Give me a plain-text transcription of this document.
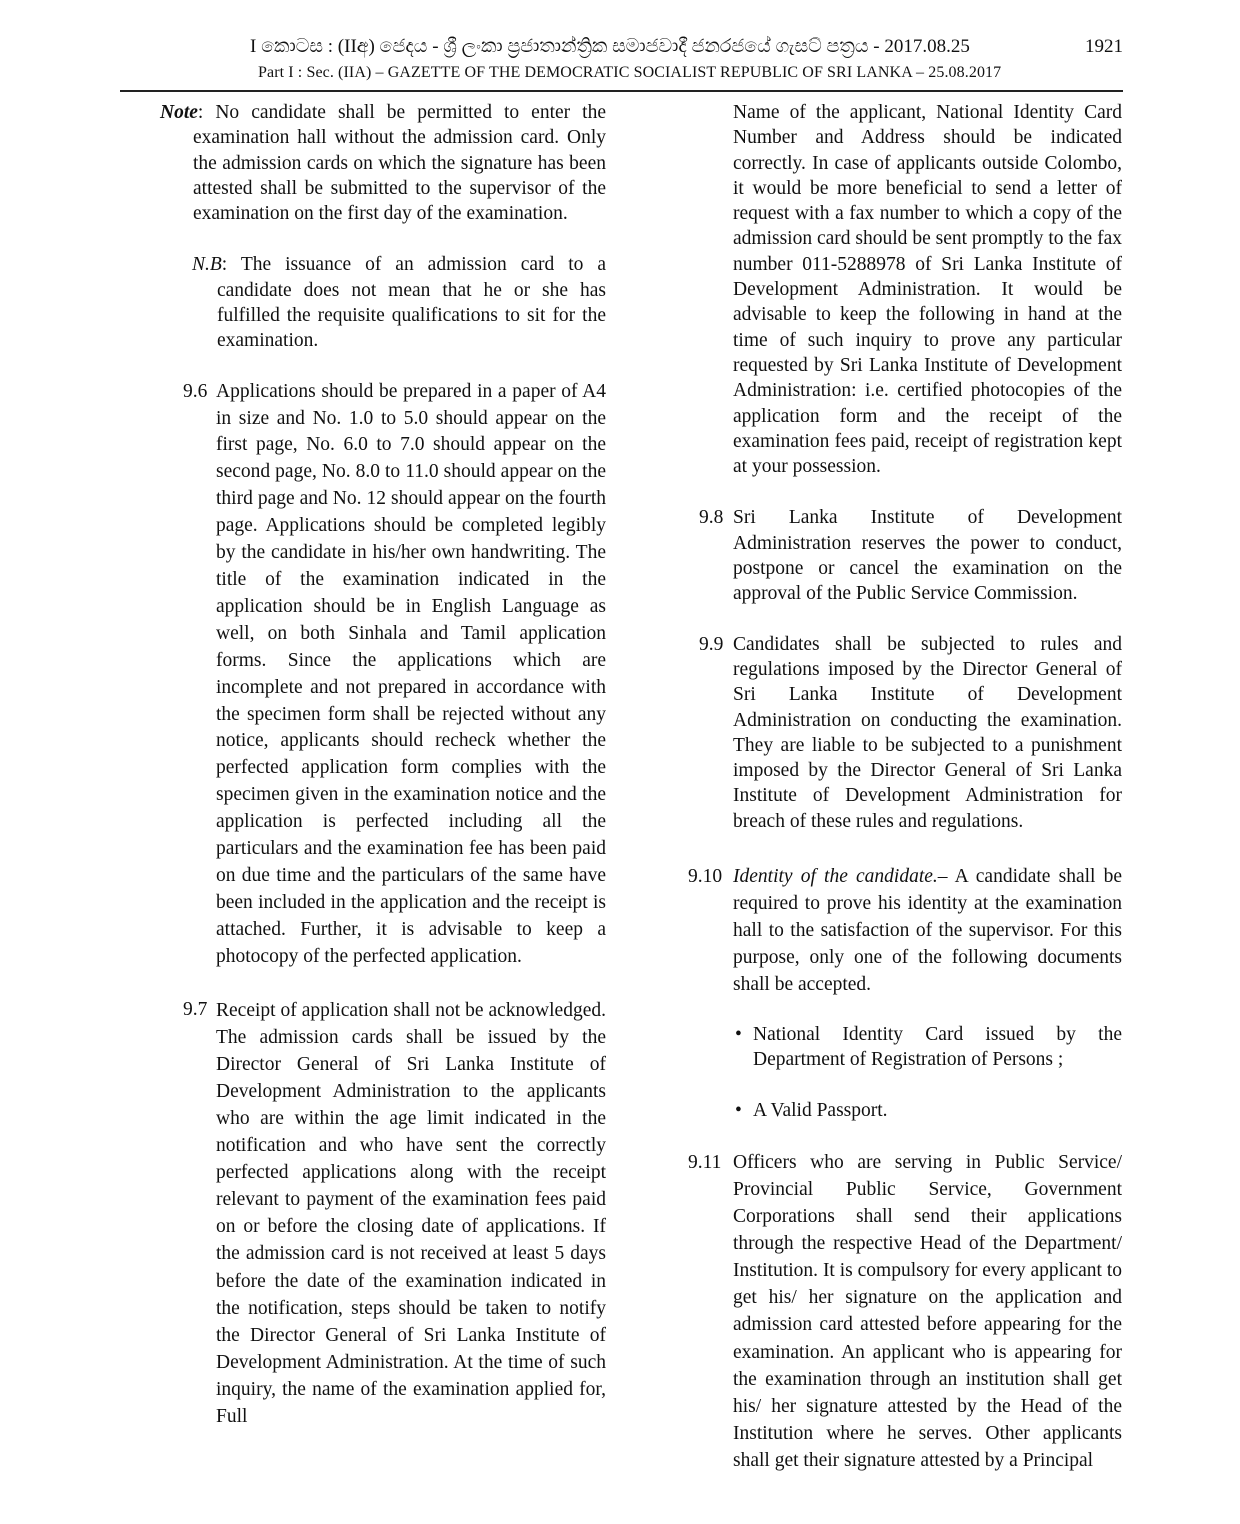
I කොටස : (IIඅ) ජෙදය - ශ්‍රී ලංකා ප්‍රජාතාන්ත්‍රික සමාජවාදී ජනරජයේ ගැසට් පත්‍රය - 2017.08.25	1921
Part I : Sec. (IIA) – GAZETTE OF THE DEMOCRATIC SOCIALIST REPUBLIC OF SRI LANKA – 25.08.2017

Note: No candidate shall be permitted to enter the examination hall without the admission card. Only the admission cards on which the signature has been attested shall be submitted to the supervisor of the examination on the first day of the examination.

N.B: The issuance of an admission card to a candidate does not mean that he or she has fulfilled the requisite qualifications to sit for the examination.

9.6 Applications should be prepared in a paper of A4 in size and No. 1.0 to 5.0 should appear on the first page, No. 6.0 to 7.0 should appear on the second page, No. 8.0 to 11.0 should appear on the third page and No. 12 should appear on the fourth page. Applications should be completed legibly by the candidate in his/her own handwriting. The title of the examination indicated in the application should be in English Language as well, on both Sinhala and Tamil application forms. Since the applications which are incomplete and not prepared in accordance with the specimen form shall be rejected without any notice, applicants should recheck whether the perfected application form complies with the specimen given in the examination notice and the application is perfected including all the particulars and the examination fee has been paid on due time and the particulars of the same have been included in the application and the receipt is attached. Further, it is advisable to keep a photocopy of the perfected application.
9.7 Receipt of application shall not be acknowledged. The admission cards shall be issued by the Director General of Sri Lanka Institute of Development Administration to the applicants who are within the age limit indicated in the notification and who have sent the correctly perfected applications along with the receipt relevant to payment of the examination fees paid on or before the closing date of applications. If the admission card is not received at least 5 days before the date of the examination indicated in the notification, steps should be taken to notify the Director General of Sri Lanka Institute of Development Administration. At the time of such inquiry, the name of the examination applied for, Full

Name of the applicant, National Identity Card Number and Address should be indicated correctly. In case of applicants outside Colombo, it would be more beneficial to send a letter of request with a fax number to which a copy of the admission card should be sent promptly to the fax number 011-5288978 of Sri Lanka Institute of Development Administration. It would be advisable to keep the following in hand at the time of such inquiry to prove any particular requested by Sri Lanka Institute of Development Administration: i.e. certified photocopies of the application form and the receipt of the examination fees paid, receipt of registration kept at your possession.

9.8 Sri Lanka Institute of Development Administration reserves the power to conduct, postpone or cancel the examination on the approval of the Public Service Commission.
9.9 Candidates shall be subjected to rules and regulations imposed by the Director General of Sri Lanka Institute of Development Administration on conducting the examination. They are liable to be subjected to a punishment imposed by the Director General of Sri Lanka Institute of Development Administration for breach of these rules and regulations.
9.10 Identity of the candidate.– A candidate shall be required to prove his identity at the examination hall to the satisfaction of the supervisor. For this purpose, only one of the following documents shall be accepted.
• National Identity Card issued by the Department of Registration of Persons ;
• A Valid Passport.
9.11 Officers who are serving in Public Service/ Provincial Public Service, Government Corporations shall send their applications through the respective Head of the Department/ Institution. It is compulsory for every applicant to get his/ her signature on the application and admission card attested before appearing for the examination. An applicant who is appearing for the examination through an institution shall get his/ her signature attested by the Head of the Institution where he serves. Other applicants shall get their signature attested by a Principal
